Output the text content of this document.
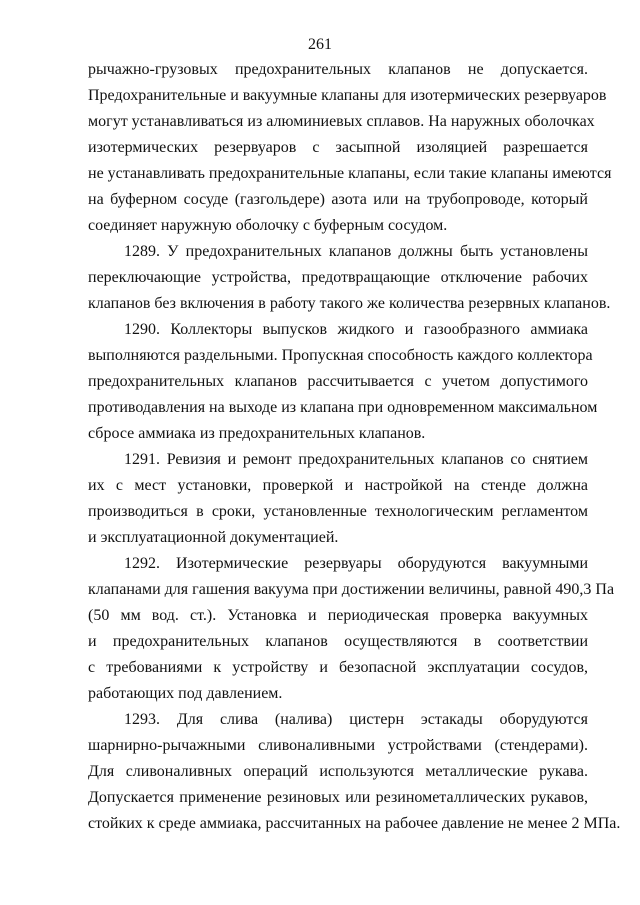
261
рычажно-грузовых предохранительных клапанов не допускается.
Предохранительные и вакуумные клапаны для изотермических резервуаров
могут устанавливаться из алюминиевых сплавов. На наружных оболочках
изотермических резервуаров с засыпной изоляцией разрешается
не устанавливать предохранительные клапаны, если такие клапаны имеются
на буферном сосуде (газгольдере) азота или на трубопроводе, который
соединяет наружную оболочку с буферным сосудом.
1289. У предохранительных клапанов должны быть установлены
переключающие устройства, предотвращающие отключение рабочих
клапанов без включения в работу такого же количества резервных клапанов.
1290. Коллекторы выпусков жидкого и газообразного аммиака
выполняются раздельными. Пропускная способность каждого коллектора
предохранительных клапанов рассчитывается с учетом допустимого
противодавления на выходе из клапана при одновременном максимальном
сбросе аммиака из предохранительных клапанов.
1291. Ревизия и ремонт предохранительных клапанов со снятием
их с мест установки, проверкой и настройкой на стенде должна
производиться в сроки, установленные технологическим регламентом
и эксплуатационной документацией.
1292. Изотермические резервуары оборудуются вакуумными
клапанами для гашения вакуума при достижении величины, равной 490,3 Па
(50 мм вод. ст.). Установка и периодическая проверка вакуумных
и предохранительных клапанов осуществляются в соответствии
с требованиями к устройству и безопасной эксплуатации сосудов,
работающих под давлением.
1293. Для слива (налива) цистерн эстакады оборудуются
шарнирно-рычажными сливоналивными устройствами (стендерами).
Для сливоналивных операций используются металлические рукава.
Допускается применение резиновых или резинометаллических рукавов,
стойких к среде аммиака, рассчитанных на рабочее давление не менее 2 МПа.
